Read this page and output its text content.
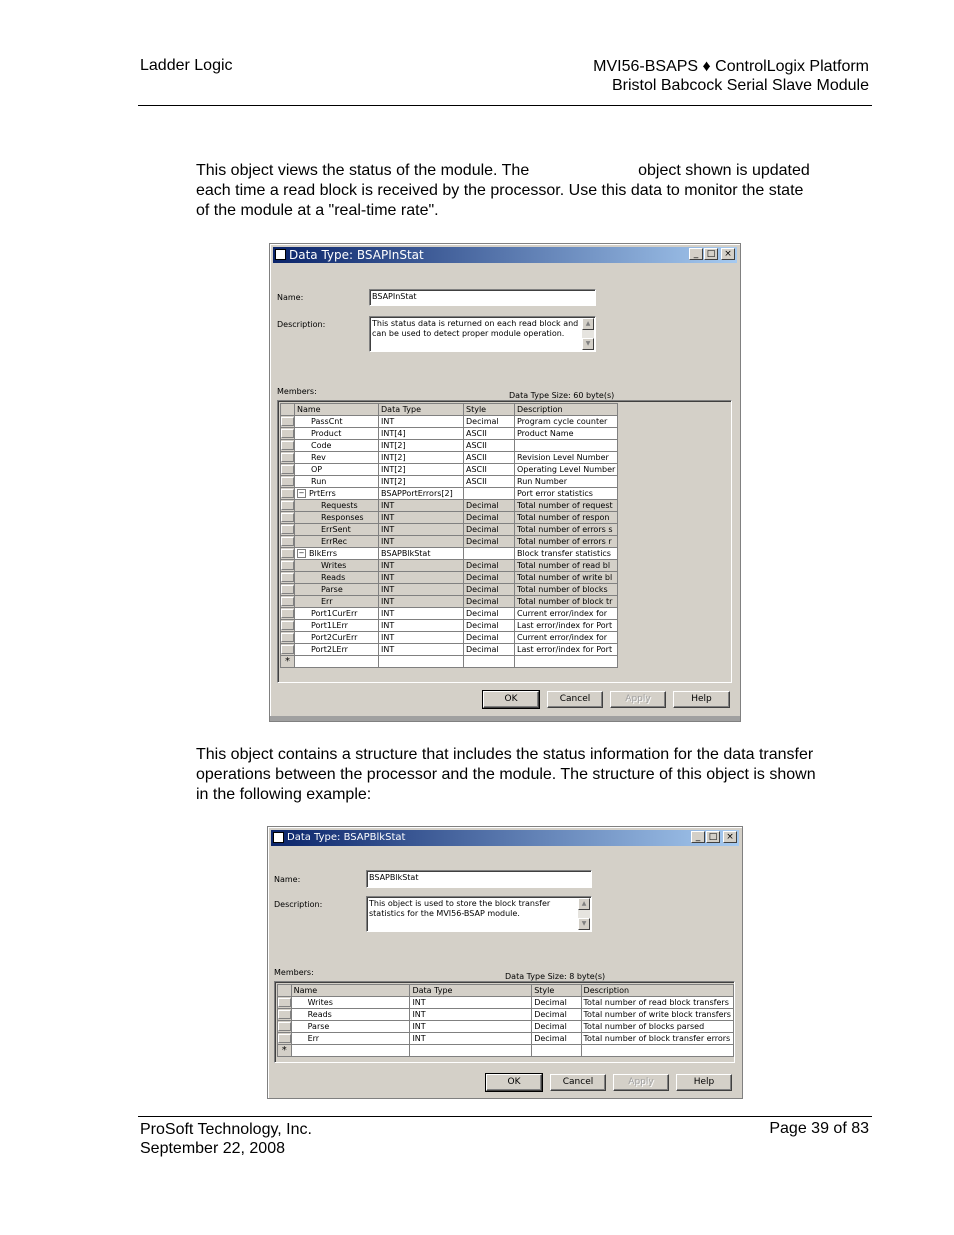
Ladder Logic	MVI56-BSAPS ♦ ControlLogix Platform
Bristol Babcock Serial Slave Module
This object views the status of the module. The	object shown is updated each time a read block is received by the processor. Use this data to monitor the state of the module at a "real-time rate".
Data Type: BSAPInStat	_ □ ×
Name:	BSAPInStat
Description:	This status data is returned on each read block and can be used to detect proper module operation.
▲
▼
Members:	Data Type Size: 60 byte(s)
	Name	Data Type	Style	Description

	PassCnt	INT	Decimal	Program cycle counter

	Product	INT[4]	ASCII	Product Name

	Code	INT[2]	ASCII	

	Rev	INT[2]	ASCII	Revision Level Number

	OP	INT[2]	ASCII	Operating Level Number

	Run	INT[2]	ASCII	Run Number

	− PrtErrs	BSAPPortErrors[2]		Port error statistics

	Requests	INT	Decimal	Total number of request

	Responses	INT	Decimal	Total number of respon

	ErrSent	INT	Decimal	Total number of errors s

	ErrRec	INT	Decimal	Total number of errors r

	− BlkErrs	BSAPBlkStat		Block transfer statistics

	Writes	INT	Decimal	Total number of read bl

	Reads	INT	Decimal	Total number of write bl

	Parse	INT	Decimal	Total number of blocks

	Err	INT	Decimal	Total number of block tr

	Port1CurErr	INT	Decimal	Current error/index for

	Port1LErr	INT	Decimal	Last error/index for Port

	Port2CurErr	INT	Decimal	Current error/index for

	Port2LErr	INT	Decimal	Last error/index for Port
*				
OK	Cancel	Apply	Help
This object contains a structure that includes the status information for the data transfer operations between the processor and the module. The structure of this object is shown in the following example:
Data Type: BSAPBlkStat	_ □ ×
Name:	BSAPBlkStat
Description:	This object is used to store the block transfer statistics for the MVI56-BSAP module.
▲
▼
Members:	Data Type Size: 8 byte(s)
	Name	Data Type	Style	Description

	Writes	INT	Decimal	Total number of read block transfers

	Reads	INT	Decimal	Total number of write block transfers

	Parse	INT	Decimal	Total number of blocks parsed

	Err	INT	Decimal	Total number of block transfer errors
*				
OK	Cancel	Apply	Help
ProSoft Technology, Inc.
September 22, 2008
Page 39 of 83
